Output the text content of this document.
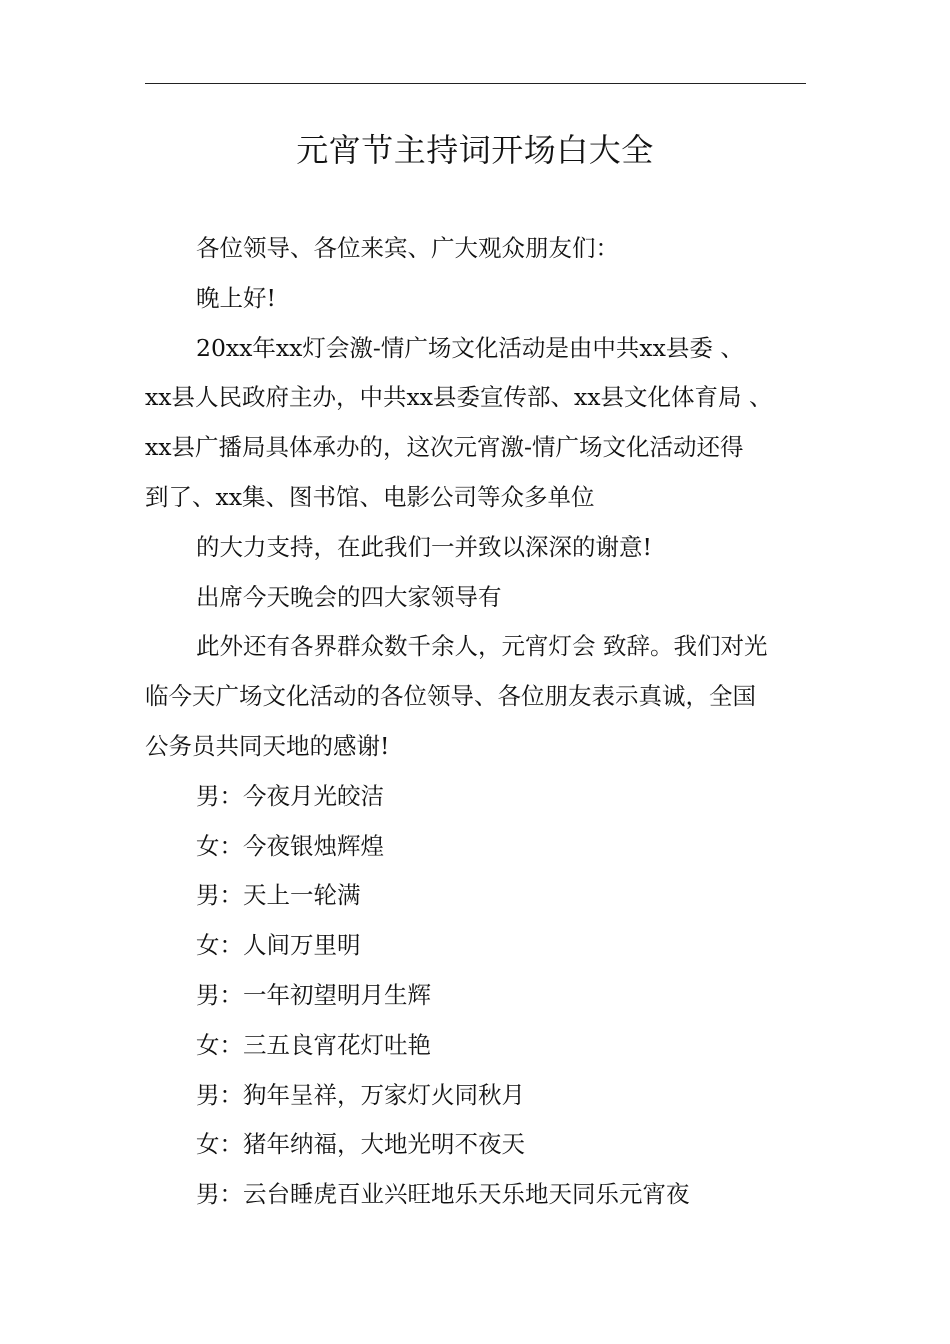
元宵节主持词开场白大全
各位领导、各位来宾、广大观众朋友们：
晚上好!
20xx年xx灯会激-情广场文化活动是由中共xx县委 、
xx县人民政府主办，中共xx县委宣传部、xx县文化体育局 、
xx县广播局具体承办的，这次元宵激-情广场文化活动还得
到了、xx集、图书馆、电影公司等众多单位
的大力支持，在此我们一并致以深深的谢意!
出席今天晚会的四大家领导有
此外还有各界群众数千余人，元宵灯会 致辞。我们对光
临今天广场文化活动的各位领导、各位朋友表示真诚，全国
公务员共同天地的感谢!
男：今夜月光皎洁
女：今夜银烛辉煌
男：天上一轮满
女：人间万里明
男：一年初望明月生辉
女：三五良宵花灯吐艳
男：狗年呈祥，万家灯火同秋月
女：猪年纳福，大地光明不夜天
男：云台睡虎百业兴旺地乐天乐地天同乐元宵夜
